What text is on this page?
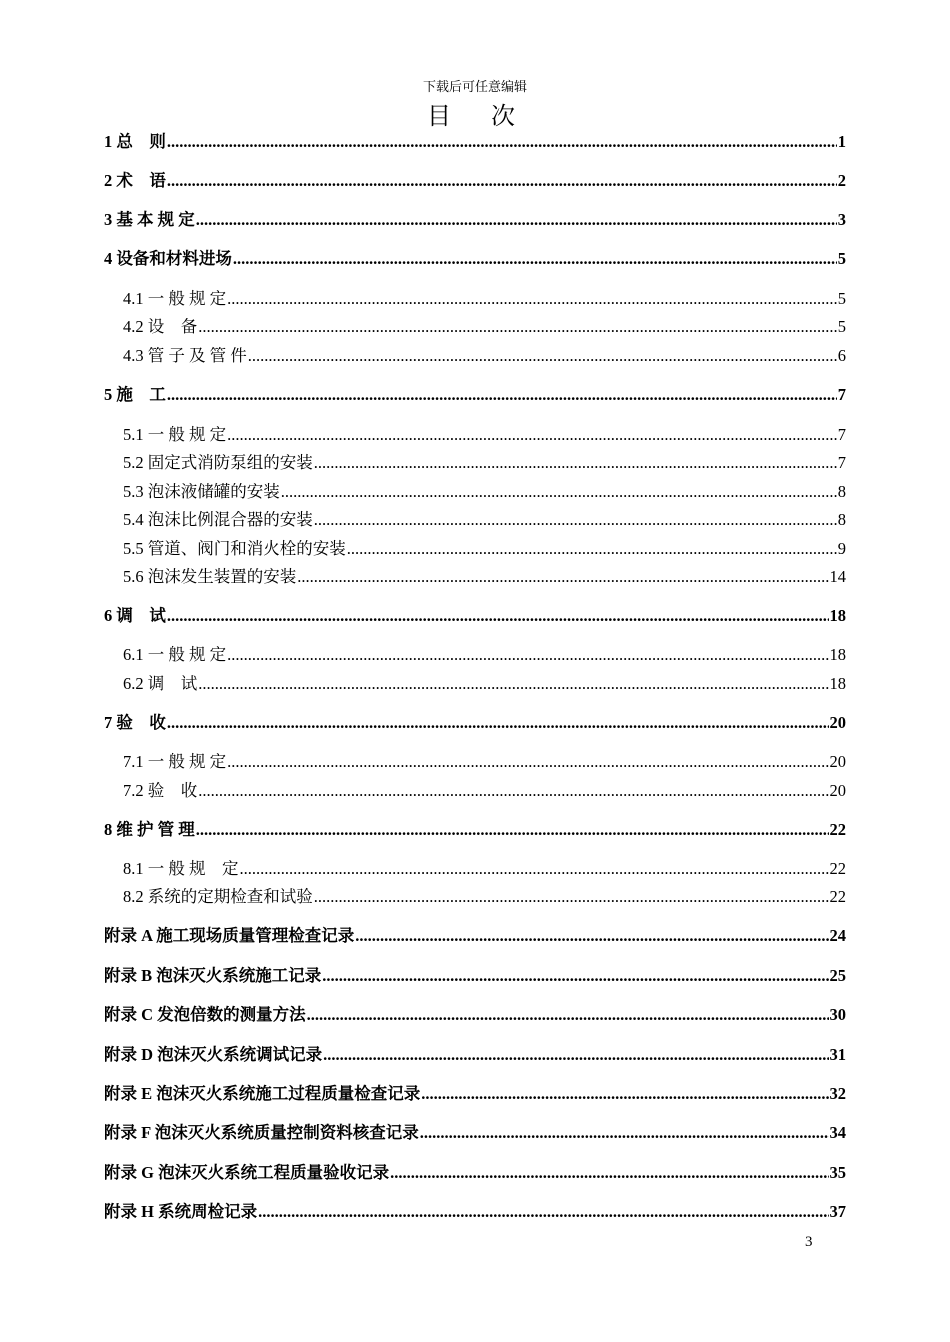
下载后可任意编辑
目　次
1 总　则 .....	1
2 术　语 .....	2
3 基 本 规 定 .....	3
4 设备和材料进场 .....	5
4.1 一 般 规 定 .....	5
4.2 设　备 .....	5
4.3 管 子 及 管 件 .....	6
5 施　工 .....	7
5.1 一 般 规 定 .....	7
5.2 固定式消防泵组的安装 .....	7
5.3 泡沫液储罐的安装 .....	8
5.4 泡沫比例混合器的安装 .....	8
5.5 管道、阀门和消火栓的安装 .....	9
5.6 泡沫发生装置的安装 .....	14
6 调　试 .....	18
6.1 一 般 规 定 .....	18
6.2 调　试 .....	18
7 验　收 .....	20
7.1 一 般 规 定 .....	20
7.2 验　收 .....	20
8 维 护 管 理 .....	22
8.1 一 般 规　定 .....	22
8.2 系统的定期检查和试验 .....	22
附录 A 施工现场质量管理检查记录 .....	24
附录 B 泡沫灭火系统施工记录 .....	25
附录 C 发泡倍数的测量方法 .....	30
附录 D 泡沫灭火系统调试记录 .....	31
附录 E 泡沫灭火系统施工过程质量检查记录 .....	32
附录 F 泡沫灭火系统质量控制资料核查记录 .....	34
附录 G 泡沫灭火系统工程质量验收记录 .....	35
附录 H 系统周检记录 .....	37
3
